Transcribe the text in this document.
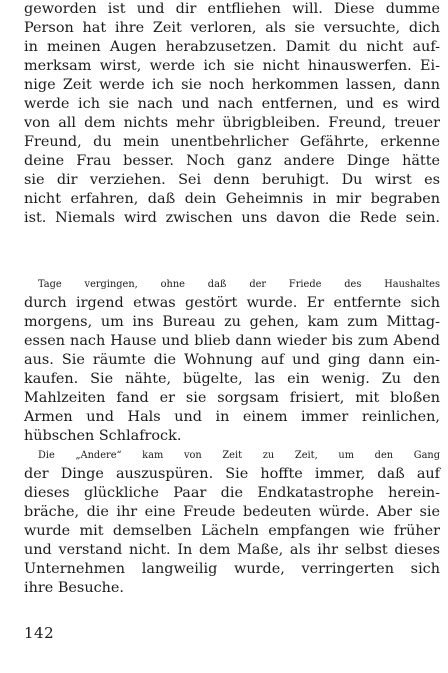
geworden ist und dir entfliehen will. Diese dumme
Person hat ihre Zeit verloren, als sie versuchte, dich
in meinen Augen herabzusetzen. Damit du nicht auf-
merksam wirst, werde ich sie nicht hinauswerfen. Ei-
nige Zeit werde ich sie noch herkommen lassen, dann
werde ich sie nach und nach entfernen, und es wird
von all dem nichts mehr übrigbleiben. Freund, treuer
Freund, du mein unentbehrlicher Gefährte, erkenne
deine Frau besser. Noch ganz andere Dinge hätte
sie dir verziehen. Sei denn beruhigt. Du wirst es
nicht erfahren, daß dein Geheimnis in mir begraben
ist. Niemals wird zwischen uns davon die Rede sein.
Tage vergingen, ohne daß der Friede des Haushaltes
durch irgend etwas gestört wurde. Er entfernte sich
morgens, um ins Bureau zu gehen, kam zum Mittag-
essen nach Hause und blieb dann wieder bis zum Abend
aus. Sie räumte die Wohnung auf und ging dann ein-
kaufen. Sie nähte, bügelte, las ein wenig. Zu den
Mahlzeiten fand er sie sorgsam frisiert, mit bloßen
Armen und Hals und in einem immer reinlichen,
hübschen Schlafrock.
Die „Andere“ kam von Zeit zu Zeit, um den Gang
der Dinge auszuspüren. Sie hoffte immer, daß auf
dieses glückliche Paar die Endkatastrophe herein-
bräche, die ihr eine Freude bedeuten würde. Aber sie
wurde mit demselben Lächeln empfangen wie früher
und verstand nicht. In dem Maße, als ihr selbst dieses
Unternehmen langweilig wurde, verringerten sich
ihre Besuche.
142
